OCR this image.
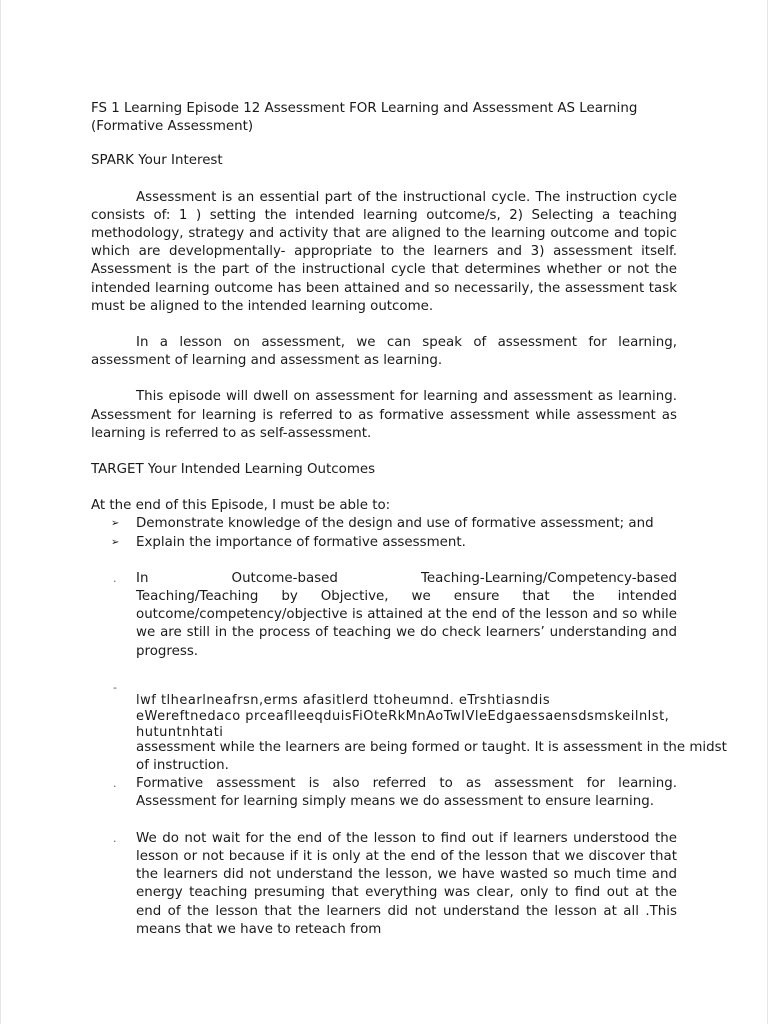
FS 1 Learning Episode 12 Assessment FOR Learning and Assessment AS Learning
(Formative Assessment)

SPARK Your Interest

Assessment is an essential part of the instructional cycle. The instruction cycle consists of: 1 ) setting the intended learning outcome/s, 2) Selecting a teaching methodology, strategy and activity that are aligned to the learning outcome and topic which are developmentally- appropriate to the learners and 3) assessment itself. Assessment is the part of the instructional cycle that determines whether or not the intended learning outcome has been attained and so necessarily, the assessment task must be aligned to the intended learning outcome.

In a lesson on assessment, we can speak of assessment for learning, assessment of learning and assessment as learning.

This episode will dwell on assessment for learning and assessment as learning. Assessment for learning is referred to as formative assessment while assessment as learning is referred to as self-assessment.

TARGET Your Intended Learning Outcomes

At the end of this Episode, I must be able to:

➢ Demonstrate knowledge of the design and use of formative assessment; and
➢ Explain the importance of formative assessment.
. In	Outcome-based	Teaching-Learning/Competency-based
Teaching/Teaching by Objective, we ensure that the intended outcome/competency/objective is attained at the end of the lesson and so while we are still in the process of teaching we do check learners’ understanding and progress.
-
lwf tlhearlneafrsn,erms afasitlerd ttoheumnd. eTrshtiasndis
eWereftnedaco prceaflleeqduisFiOteRkMnAoTwIVleEdgaessaensdsmskeilnlst,
hutuntnhtati
assessment while the learners are being formed or taught. It is assessment in the midst of instruction.
. Formative assessment is also referred to as assessment for learning. Assessment for learning simply means we do assessment to ensure learning.
. We do not wait for the end of the lesson to find out if learners understood the lesson or not because if it is only at the end of the lesson that we discover that the learners did not understand the lesson, we have wasted so much time and energy teaching presuming that everything was clear, only to find out at the end of the lesson that the learners did not understand the lesson at all .This means that we have to reteach from
